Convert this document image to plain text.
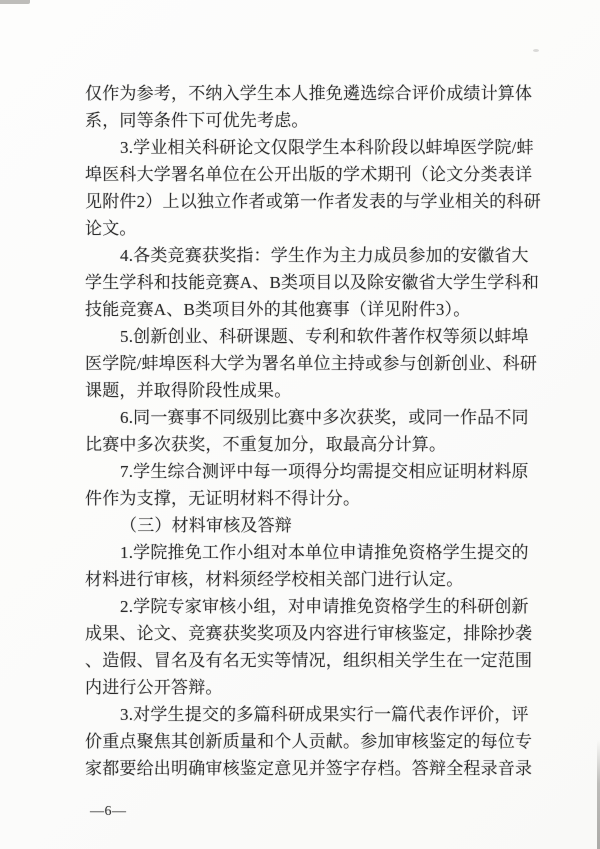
仅作为参考，不纳入学生本人推免遴选综合评价成绩计算体
系，同等条件下可优先考虑。
3.学业相关科研论文仅限学生本科阶段以蚌埠医学院/蚌
埠医科大学署名单位在公开出版的学术期刊（论文分类表详
见附件2）上以独立作者或第一作者发表的与学业相关的科研
论文。
4.各类竞赛获奖指：学生作为主力成员参加的安徽省大
学生学科和技能竞赛A、B类项目以及除安徽省大学生学科和
技能竞赛A、B类项目外的其他赛事（详见附件3）。
5.创新创业、科研课题、专利和软件著作权等须以蚌埠
医学院/蚌埠医科大学为署名单位主持或参与创新创业、科研
课题，并取得阶段性成果。
6.同一赛事不同级别比赛中多次获奖，或同一作品不同
比赛中多次获奖，不重复加分，取最高分计算。
7.学生综合测评中每一项得分均需提交相应证明材料原
件作为支撑，无证明材料不得计分。
（三）材料审核及答辩
1.学院推免工作小组对本单位申请推免资格学生提交的
材料进行审核，材料须经学校相关部门进行认定。
2.学院专家审核小组，对申请推免资格学生的科研创新
成果、论文、竞赛获奖奖项及内容进行审核鉴定，排除抄袭
、造假、冒名及有名无实等情况，组织相关学生在一定范围
内进行公开答辩。
3.对学生提交的多篇科研成果实行一篇代表作评价，评
价重点聚焦其创新质量和个人贡献。参加审核鉴定的每位专
家都要给出明确审核鉴定意见并签字存档。答辩全程录音录
—6—
